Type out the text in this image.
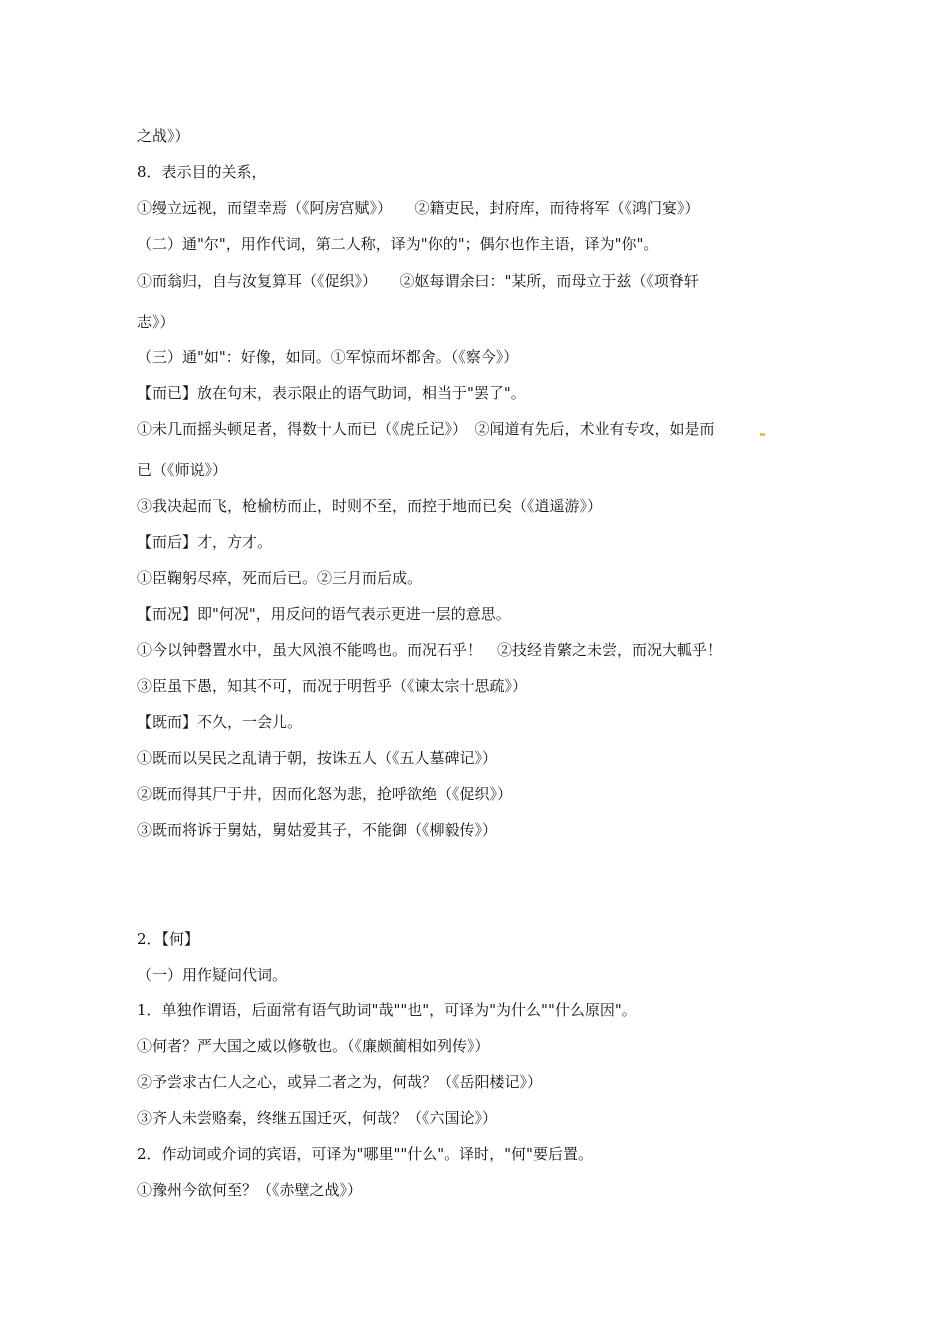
之战》）
8．表示目的关系，
①缦立远视，而望幸焉（《阿房宫赋》）　　②籍吏民，封府库，而待将军（《鸿门宴》）
（二）通"尔"，用作代词，第二人称，译为"你的"；偶尔也作主语，译为"你"。
①而翁归，自与汝复算耳（《促织》）　　②妪每谓余曰："某所，而母立于兹（《项脊轩
志》）
（三）通"如"：好像，如同。①军惊而坏都舍。（《察今》）
【而已】放在句末，表示限止的语气助词，相当于"罢了"。
①未几而摇头顿足者，得数十人而已（《虎丘记》）　②闻道有先后，术业有专攻，如是而
已（《师说》）
③我决起而飞，枪榆枋而止，时则不至，而控于地而已矣（《逍遥游》）
【而后】才，方才。
①臣鞠躬尽瘁，死而后已。②三月而后成。
【而况】即"何况"，用反问的语气表示更进一层的意思。
①今以钟磬置水中，虽大风浪不能鸣也。而况石乎！　②技经肯綮之未尝，而况大軱乎！
③臣虽下愚，知其不可，而况于明哲乎（《谏太宗十思疏》）
【既而】不久，一会儿。
①既而以吴民之乱请于朝，按诛五人（《五人墓碑记》）
②既而得其尸于井，因而化怒为悲，抢呼欲绝（《促织》）
③既而将诉于舅姑，舅姑爱其子，不能御（《柳毅传》）
2．【何】
（一）用作疑问代词。
1．单独作谓语，后面常有语气助词"哉""也"，可译为"为什么""什么原因"。
①何者？严大国之威以修敬也。（《廉颇蔺相如列传》）
②予尝求古仁人之心，或异二者之为，何哉？（《岳阳楼记》）
③齐人未尝赂秦，终继五国迁灭，何哉？（《六国论》）
2．作动词或介词的宾语，可译为"哪里""什么"。译时，"何"要后置。
①豫州今欲何至？（《赤壁之战》）
